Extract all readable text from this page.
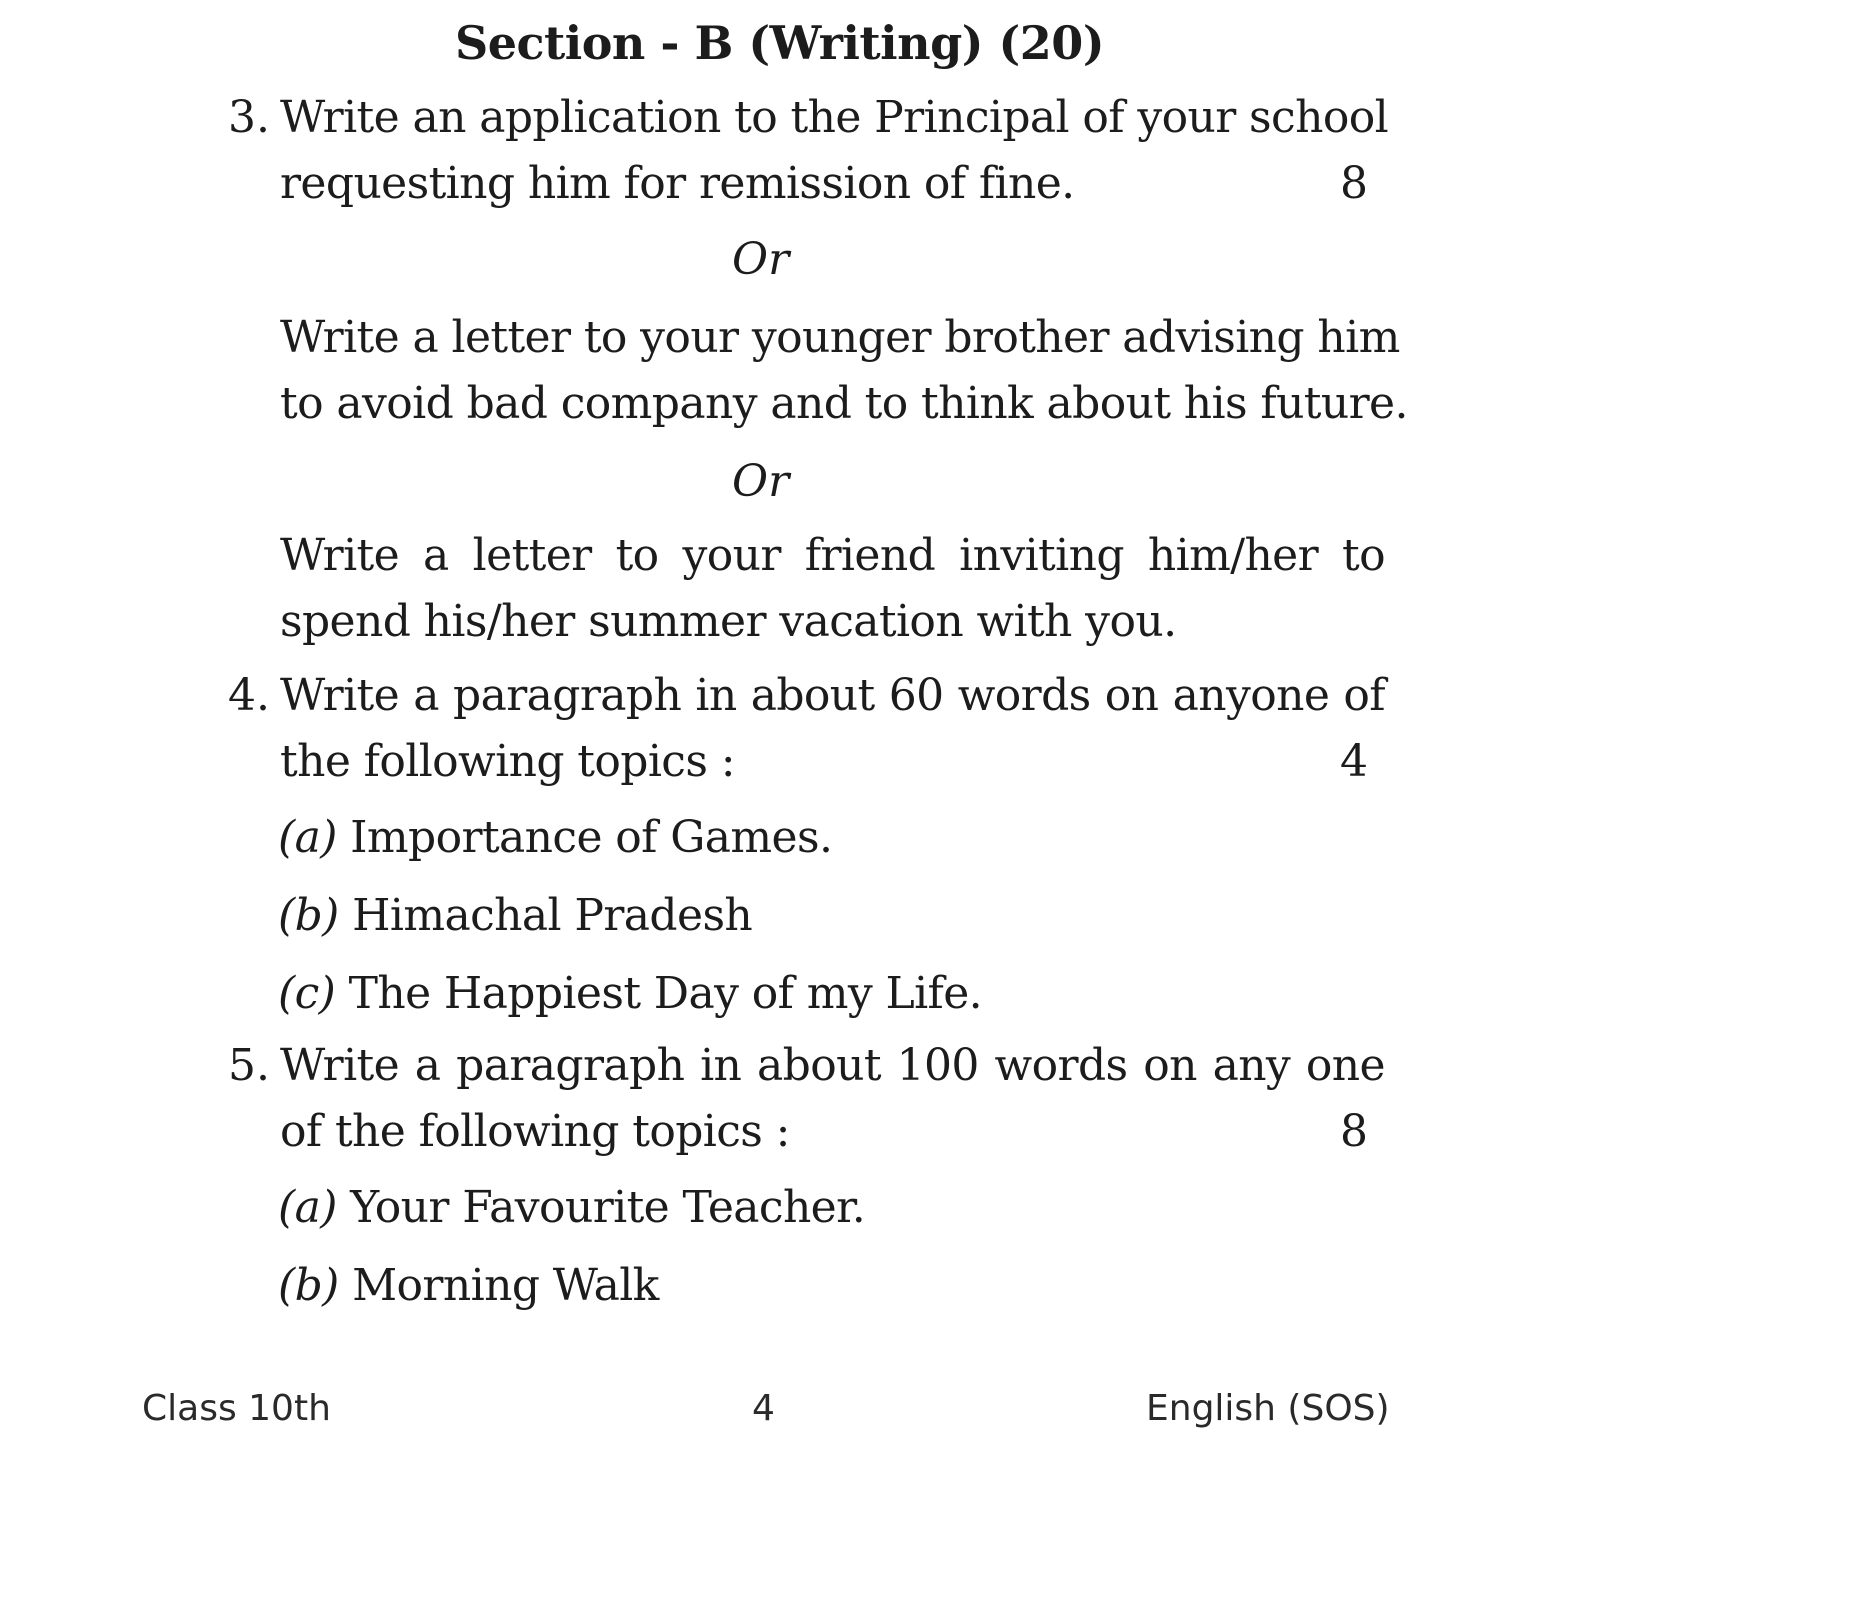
Section - B (Writing) (20)
3. Write an application to the Principal of your school
requesting him for remission of fine.	8
Or
Write a letter to your younger brother advising him
to avoid bad company and to think about his future.
Or
Write a letter to your friend inviting him/her to
spend his/her summer vacation with you.
4. Write a paragraph in about 60 words on anyone of
the following topics :	4
(a) Importance of Games.
(b) Himachal Pradesh
(c) The Happiest Day of my Life.
5. Write a paragraph in about 100 words on any one
of the following topics :	8
(a) Your Favourite Teacher.
(b) Morning Walk
Class 10th	4	English (SOS)
